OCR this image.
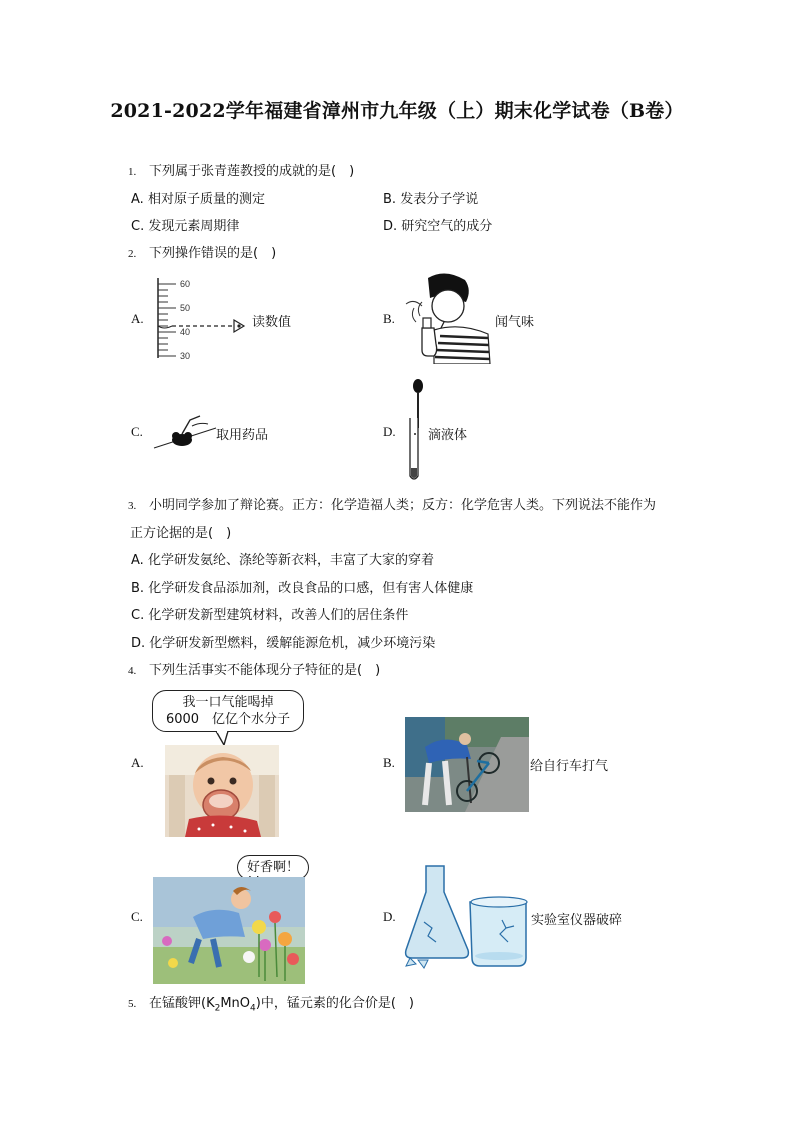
2021-2022学年福建省漳州市九年级（上）期末化学试卷（B卷）
1. 下列属于张青莲教授的成就的是(　)
A. 相对原子质量的测定	B. 发表分子学说
C. 发现元素周期律	D. 研究空气的成分
2. 下列操作错误的是(　)
A.
60
50
40
30
读数值	B.	闻气味
C.	取用药品	D. 滴液体
3. 小明同学参加了辩论赛。正方：化学造福人类；反方：化学危害人类。下列说法不能作为
正方论据的是(　)
A. 化学研发氨纶、涤纶等新衣料，丰富了大家的穿着
B. 化学研发食品添加剂，改良食品的口感，但有害人体健康
C. 化学研发新型建筑材料，改善人们的居住条件
D. 化学研发新型燃料，缓解能源危机，减少环境污染
4. 下列生活事实不能体现分子特征的是(　)
我一口气能喝掉
6000　亿亿个水分子
A.	B.	给自行车打气
好香啊！
C.	D.	实验室仪器破碎
5. 在锰酸钾$(K_2MnO_4)$中，锰元素的化合价是(　)
